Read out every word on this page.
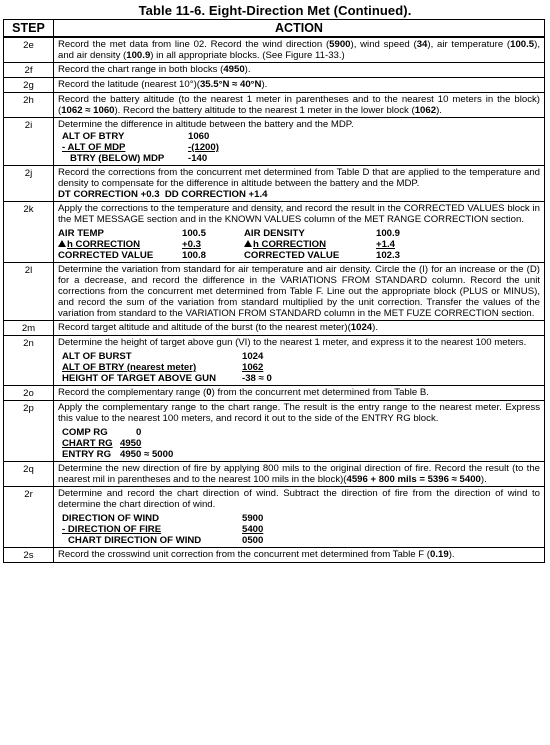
Table 11-6. Eight-Direction Met (Continued).
STEP	ACTION
2e	Record the met data from line 02. Record the wind direction (5900), wind speed (34), air temperature (100.5), and air density (100.9) in all appropriate blocks. (See Figure 11-33.)
2f	Record the chart range in both blocks (4950).
2g	Record the latitude (nearest 10°)(35.5°N ≈ 40°N).
2h	Record the battery altitude (to the nearest 1 meter in parentheses and to the nearest 10 meters in the block) (1062 ≈ 1060). Record the battery altitude to the nearest 1 meter in the lower block (1062).
2i	Determine the difference in altitude between the battery and the MDP.
ALT OF BTRY	1060
- ALT OF MDP	-(1200)
BTRY (BELOW) MDP	-140

2j	Record the corrections from the concurrent met determined from Table D that are applied to the temperature and density to compensate for the difference in altitude between the battery and the MDP.
DT CORRECTION +0.3  DD CORRECTION +1.4

2k	Apply the corrections to the temperature and density, and record the result in the CORRECTED VALUES block in the MET MESSAGE section and in the KNOWN VALUES column of the MET RANGE CORRECTION section.
AIR TEMP	100.5	AIR DENSITY	100.9
h CORRECTION	+0.3	h CORRECTION	+1.4
CORRECTED VALUE	100.8	CORRECTED VALUE	102.3

2l	Determine the variation from standard for air temperature and air density. Circle the (I) for an increase or the (D) for a decrease, and record the difference in the VARIATIONS FROM STANDARD column. Record the unit corrections from the concurrent met determined from Table F. Line out the appropriate block (PLUS or MINUS), and record the sum of the variation from standard multiplied by the unit correction. Transfer the values of the variation from standard to the VARIATION FROM STANDARD column in the MET FUZE CORRECTION section.
2m	Record target altitude and altitude of the burst (to the nearest meter)(1024).
2n	Determine the height of target above gun (VI) to the nearest 1 meter, and express it to the nearest 100 meters.
ALT OF BURST	1024
ALT OF BTRY (nearest meter)	1062
HEIGHT OF TARGET ABOVE GUN	-38 ≈ 0

2o	Record the complementary range (0) from the concurrent met determined from Table B.
2p	Apply the complementary range to the chart range. The result is the entry range to the nearest meter. Express this value to the nearest 100 meters, and record it out to the side of the ENTRY RG block.
COMP RG	0
CHART RG	4950
ENTRY RG	4950 ≈ 5000

2q	Determine the new direction of fire by applying 800 mils to the original direction of fire. Record the result (to the nearest mil in parentheses and to the nearest 100 mils in the block)(4596 + 800 mils = 5396 ≈ 5400).
2r	Determine and record the chart direction of wind. Subtract the direction of fire from the direction of wind to determine the chart direction of wind.
DIRECTION OF WIND	5900
- DIRECTION OF FIRE	5400
CHART DIRECTION OF WIND	0500

2s	Record the crosswind unit correction from the concurrent met determined from Table F (0.19).
